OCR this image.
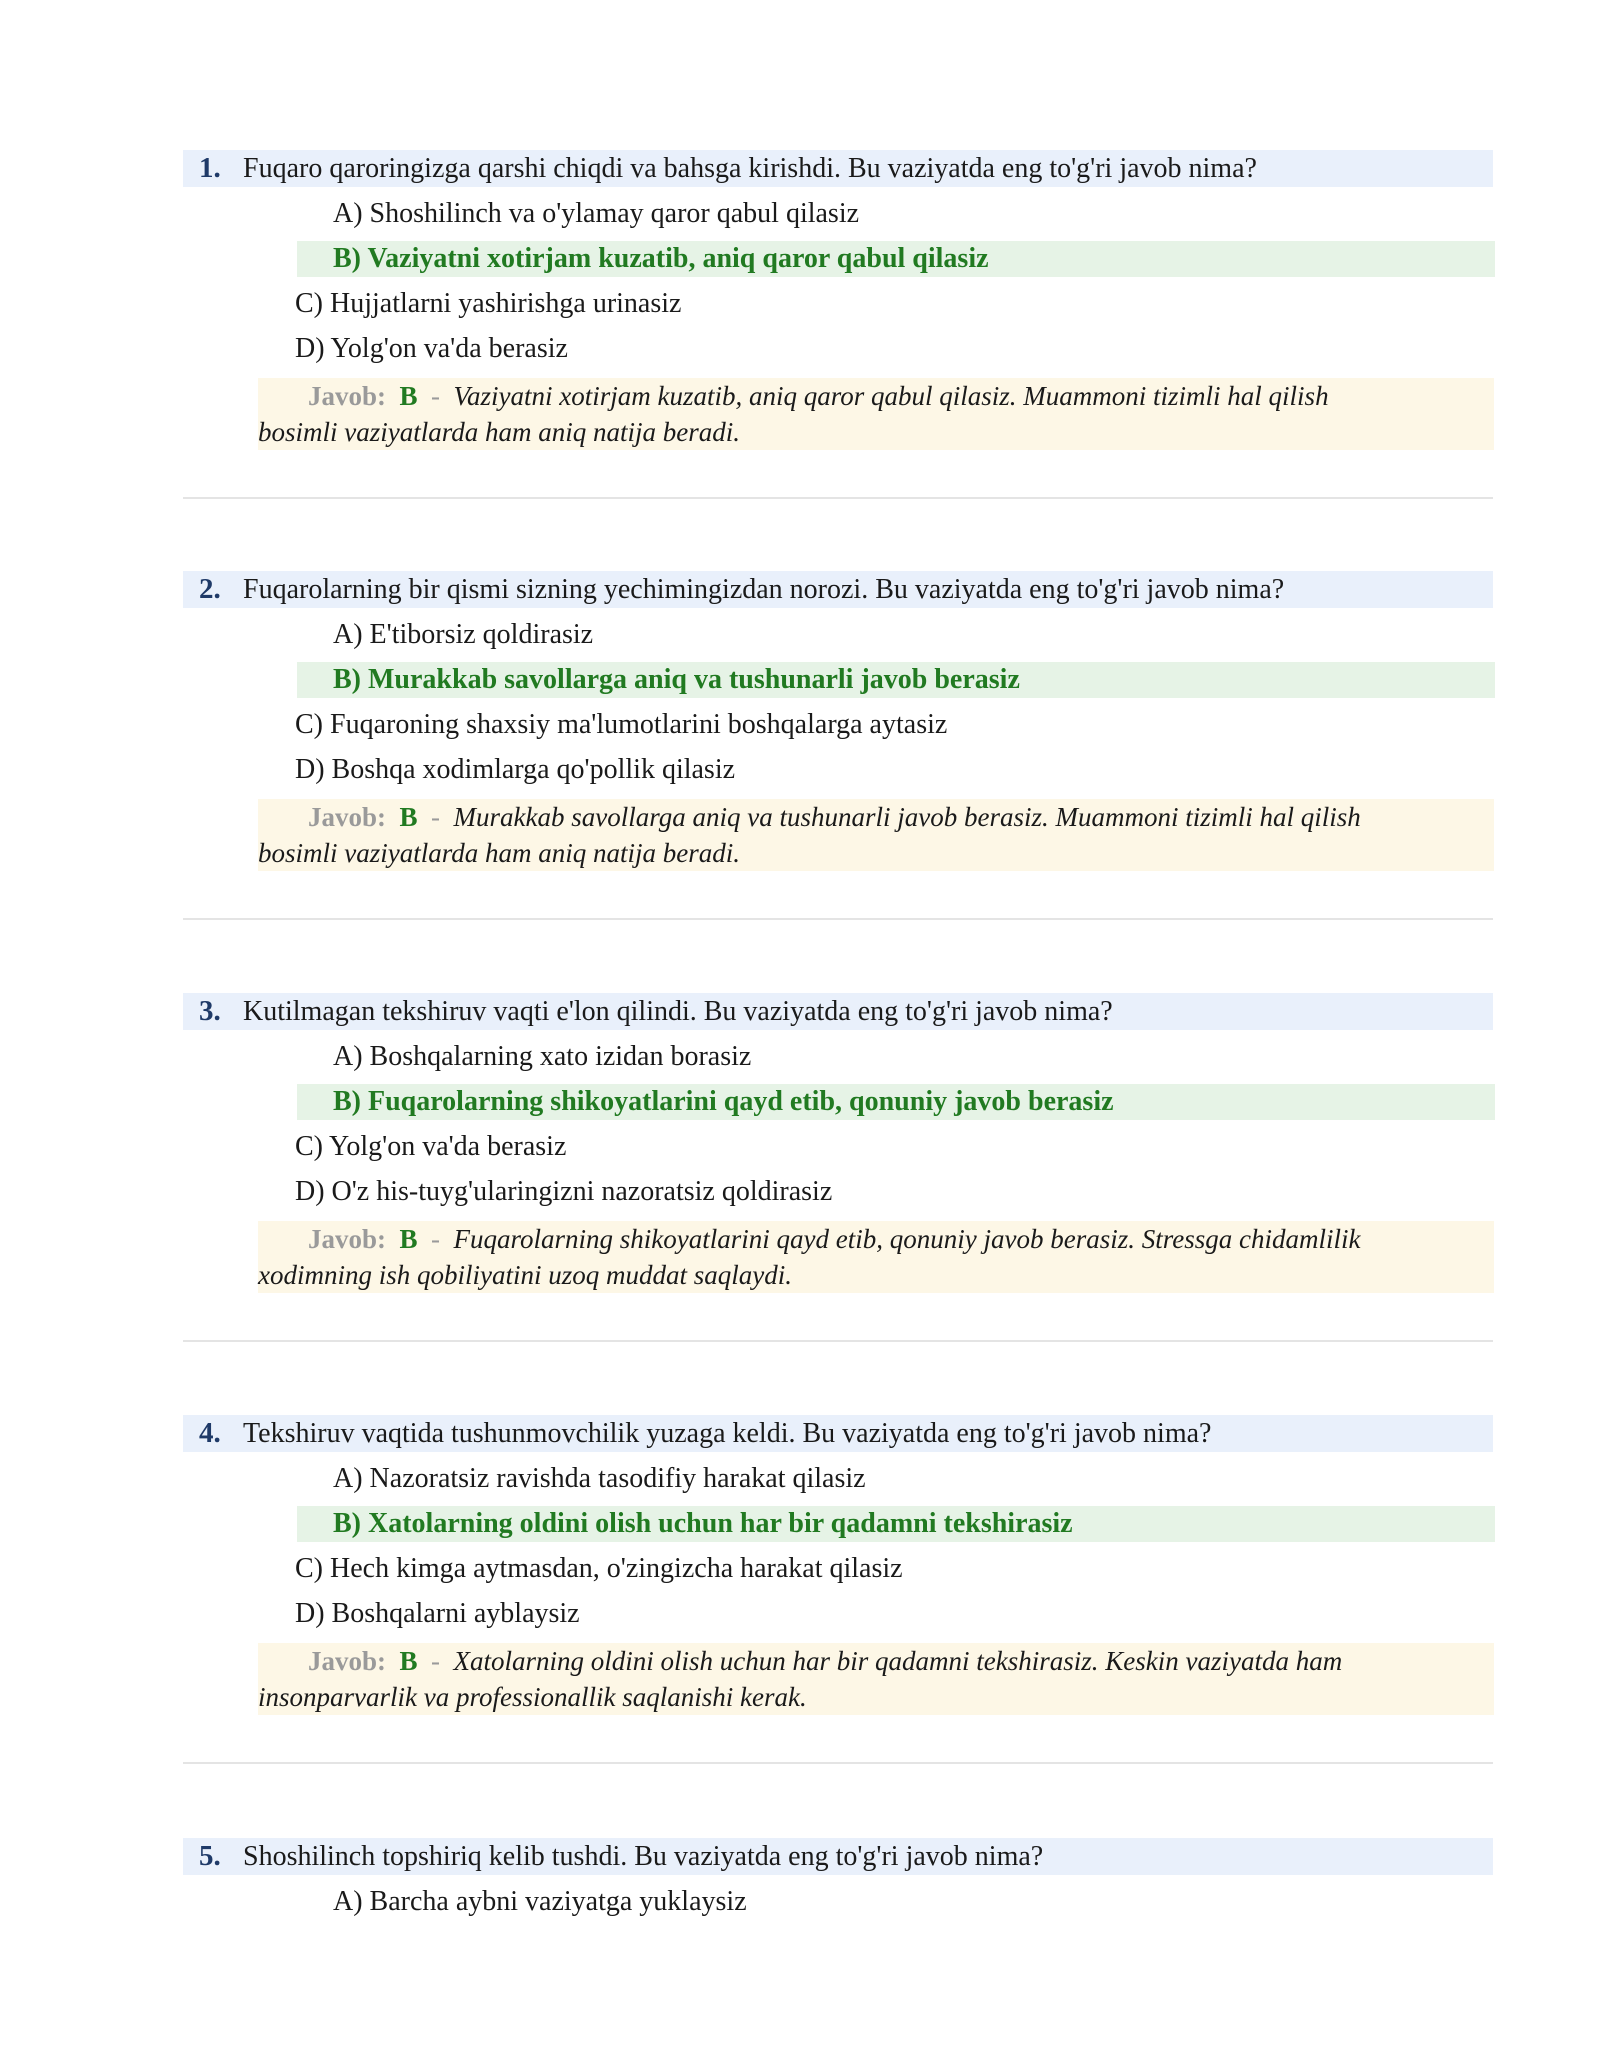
1. Fuqaro qaroringizga qarshi chiqdi va bahsga kirishdi. Bu vaziyatda eng to'g'ri javob nima?
A) Shoshilinch va o'ylamay qaror qabul qilasiz
B) Vaziyatni xotirjam kuzatib, aniq qaror qabul qilasiz
C) Hujjatlarni yashirishga urinasiz
D) Yolg'on va'da berasiz
Javob: B - Vaziyatni xotirjam kuzatib, aniq qaror qabul qilasiz. Muammoni tizimli hal qilish
bosimli vaziyatlarda ham aniq natija beradi.
2. Fuqarolarning bir qismi sizning yechimingizdan norozi. Bu vaziyatda eng to'g'ri javob nima?
A) E'tiborsiz qoldirasiz
B) Murakkab savollarga aniq va tushunarli javob berasiz
C) Fuqaroning shaxsiy ma'lumotlarini boshqalarga aytasiz
D) Boshqa xodimlarga qo'pollik qilasiz
Javob: B - Murakkab savollarga aniq va tushunarli javob berasiz. Muammoni tizimli hal qilish
bosimli vaziyatlarda ham aniq natija beradi.
3. Kutilmagan tekshiruv vaqti e'lon qilindi. Bu vaziyatda eng to'g'ri javob nima?
A) Boshqalarning xato izidan borasiz
B) Fuqarolarning shikoyatlarini qayd etib, qonuniy javob berasiz
C) Yolg'on va'da berasiz
D) O'z his-tuyg'ularingizni nazoratsiz qoldirasiz
Javob: B - Fuqarolarning shikoyatlarini qayd etib, qonuniy javob berasiz. Stressga chidamlilik
xodimning ish qobiliyatini uzoq muddat saqlaydi.
4. Tekshiruv vaqtida tushunmovchilik yuzaga keldi. Bu vaziyatda eng to'g'ri javob nima?
A) Nazoratsiz ravishda tasodifiy harakat qilasiz
B) Xatolarning oldini olish uchun har bir qadamni tekshirasiz
C) Hech kimga aytmasdan, o'zingizcha harakat qilasiz
D) Boshqalarni ayblaysiz
Javob: B - Xatolarning oldini olish uchun har bir qadamni tekshirasiz. Keskin vaziyatda ham
insonparvarlik va professionallik saqlanishi kerak.
5. Shoshilinch topshiriq kelib tushdi. Bu vaziyatda eng to'g'ri javob nima?
A) Barcha aybni vaziyatga yuklaysiz
